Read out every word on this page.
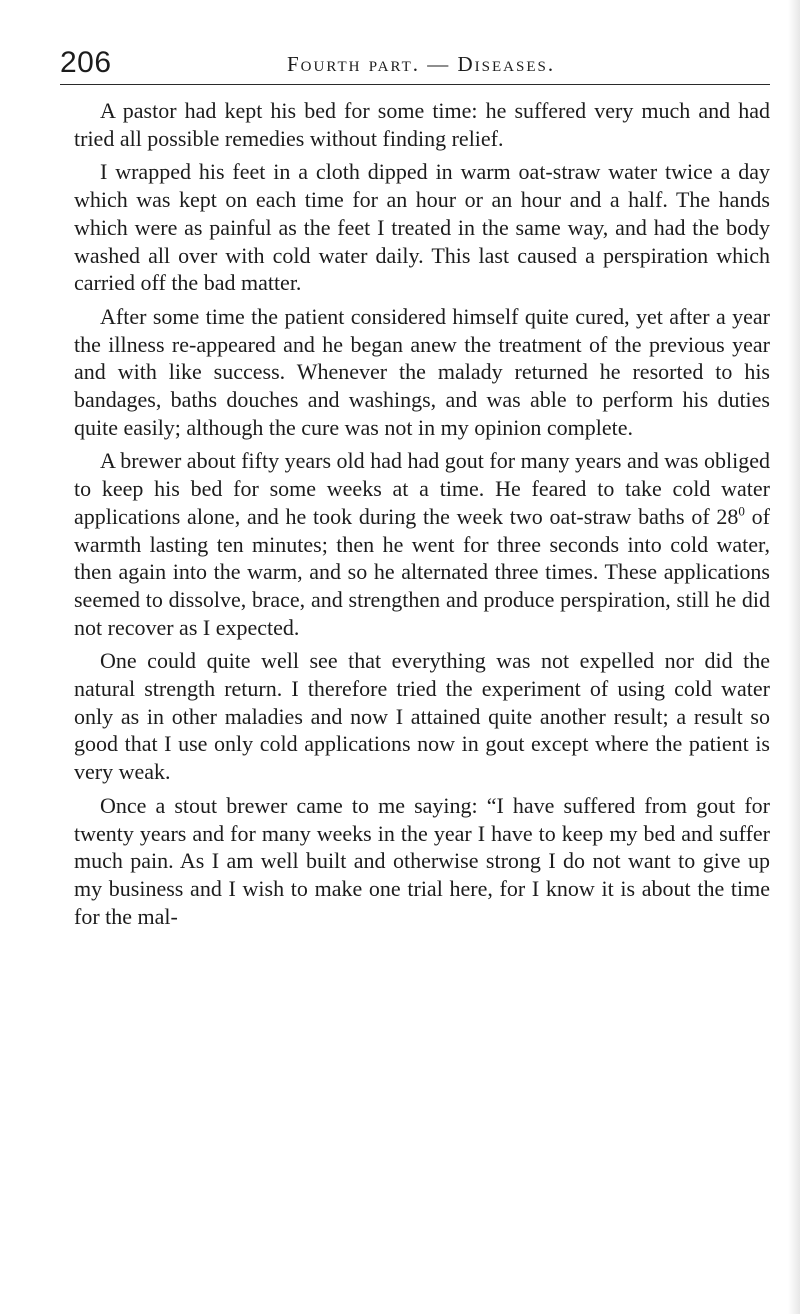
206	Fourth part. — Diseases.

A pastor had kept his bed for some time: he suffered very much and had tried all possible remedies without finding relief.

I wrapped his feet in a cloth dipped in warm oat-straw water twice a day which was kept on each time for an hour or an hour and a half. The hands which were as painful as the feet I treated in the same way, and had the body washed all over with cold water daily. This last caused a perspiration which carried off the bad matter.

After some time the patient considered himself quite cured, yet after a year the illness re-appeared and he began anew the treatment of the previous year and with like success. Whenever the malady returned he resorted to his bandages, baths douches and washings, and was able to perform his duties quite easily; although the cure was not in my opinion complete.

A brewer about fifty years old had had gout for many years and was obliged to keep his bed for some weeks at a time. He feared to take cold water applications alone, and he took during the week two oat-straw baths of $28^0$ of warmth lasting ten minutes; then he went for three seconds into cold water, then again into the warm, and so he alternated three times. These applications seemed to dissolve, brace, and strengthen and produce perspiration, still he did not recover as I expected.

One could quite well see that everything was not expelled nor did the natural strength return. I therefore tried the experiment of using cold water only as in other maladies and now I attained quite another result; a result so good that I use only cold applications now in gout except where the patient is very weak.

Once a stout brewer came to me saying: “I have suffered from gout for twenty years and for many weeks in the year I have to keep my bed and suffer much pain. As I am well built and otherwise strong I do not want to give up my business and I wish to make one trial here, for I know it is about the time for the mal-
